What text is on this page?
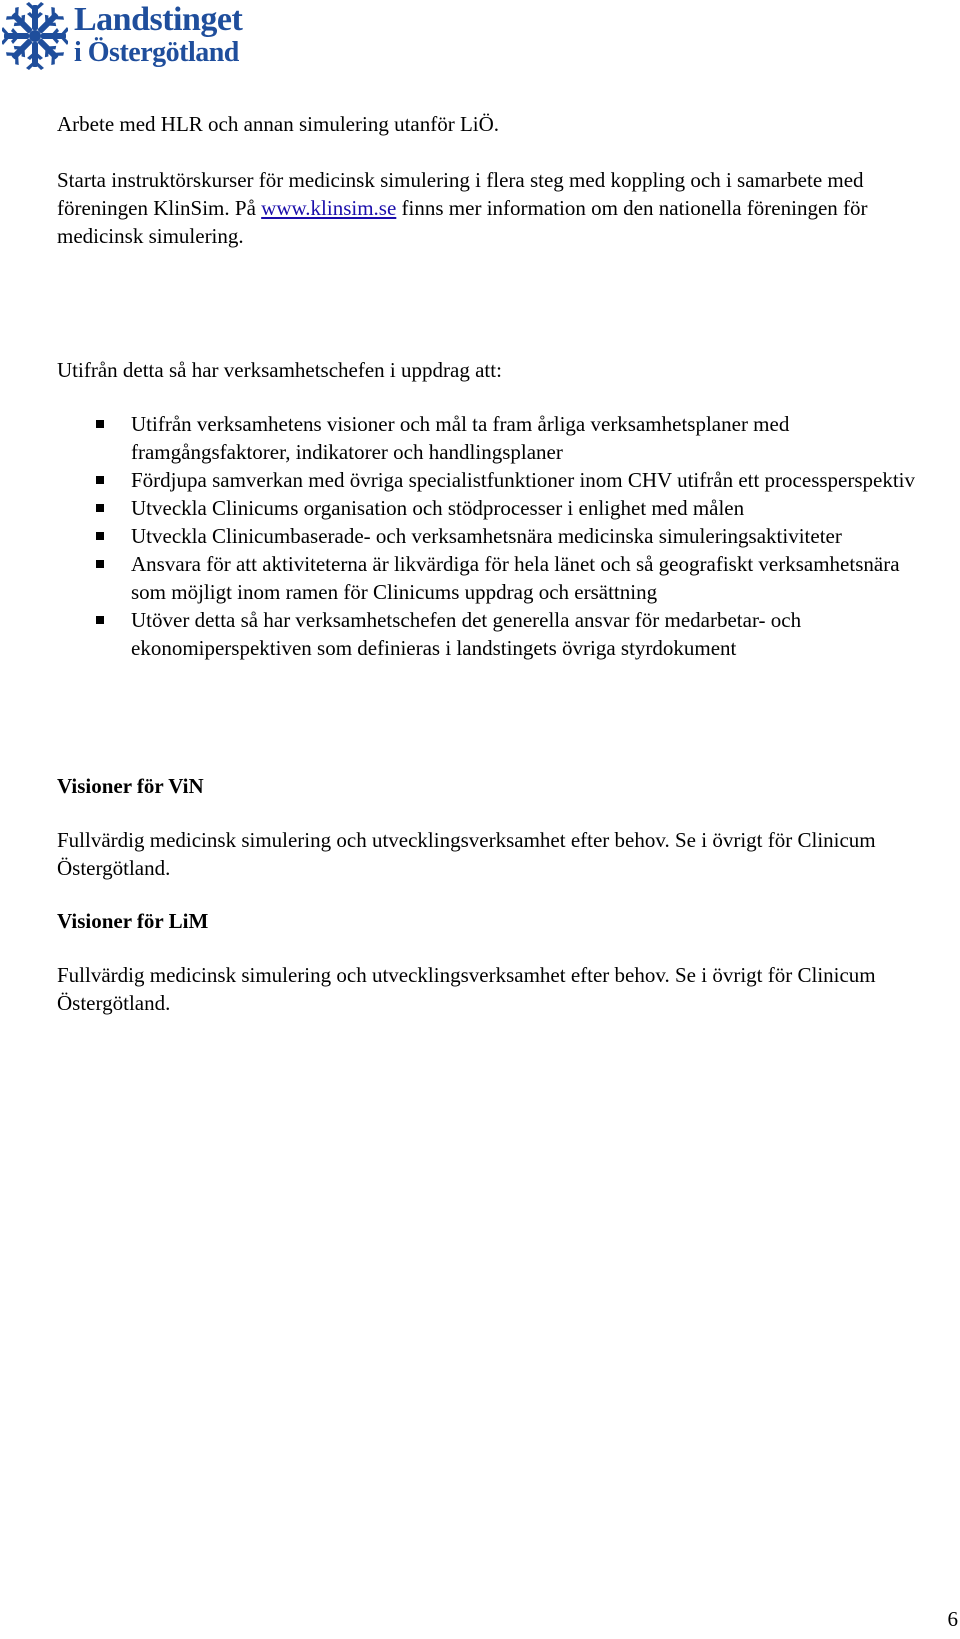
Landstinget
i Östergötland
Arbete med HLR och annan simulering utanför LiÖ.
Starta instruktörskurser för medicinsk simulering i flera steg med koppling och i samarbete med föreningen KlinSim. På www.klinsim.se finns mer information om den nationella föreningen för medicinsk simulering.
Utifrån detta så har verksamhetschefen i uppdrag att:
Utifrån verksamhetens visioner och mål ta fram årliga verksamhetsplaner med framgångsfaktorer, indikatorer och handlingsplaner
Fördjupa samverkan med övriga specialistfunktioner inom CHV utifrån ett processperspektiv
Utveckla Clinicums organisation och stödprocesser i enlighet med målen
Utveckla Clinicumbaserade- och verksamhetsnära medicinska simuleringsaktiviteter
Ansvara för att aktiviteterna är likvärdiga för hela länet och så geografiskt verksamhetsnära som möjligt inom ramen för Clinicums uppdrag och ersättning
Utöver detta så har verksamhetschefen det generella ansvar för medarbetar- och ekonomiperspektiven som definieras i landstingets övriga styrdokument
Visioner för ViN
Fullvärdig medicinsk simulering och utvecklingsverksamhet efter behov. Se i övrigt för Clinicum Östergötland.
Visioner för LiM
Fullvärdig medicinsk simulering och utvecklingsverksamhet efter behov. Se i övrigt för Clinicum Östergötland.
6
